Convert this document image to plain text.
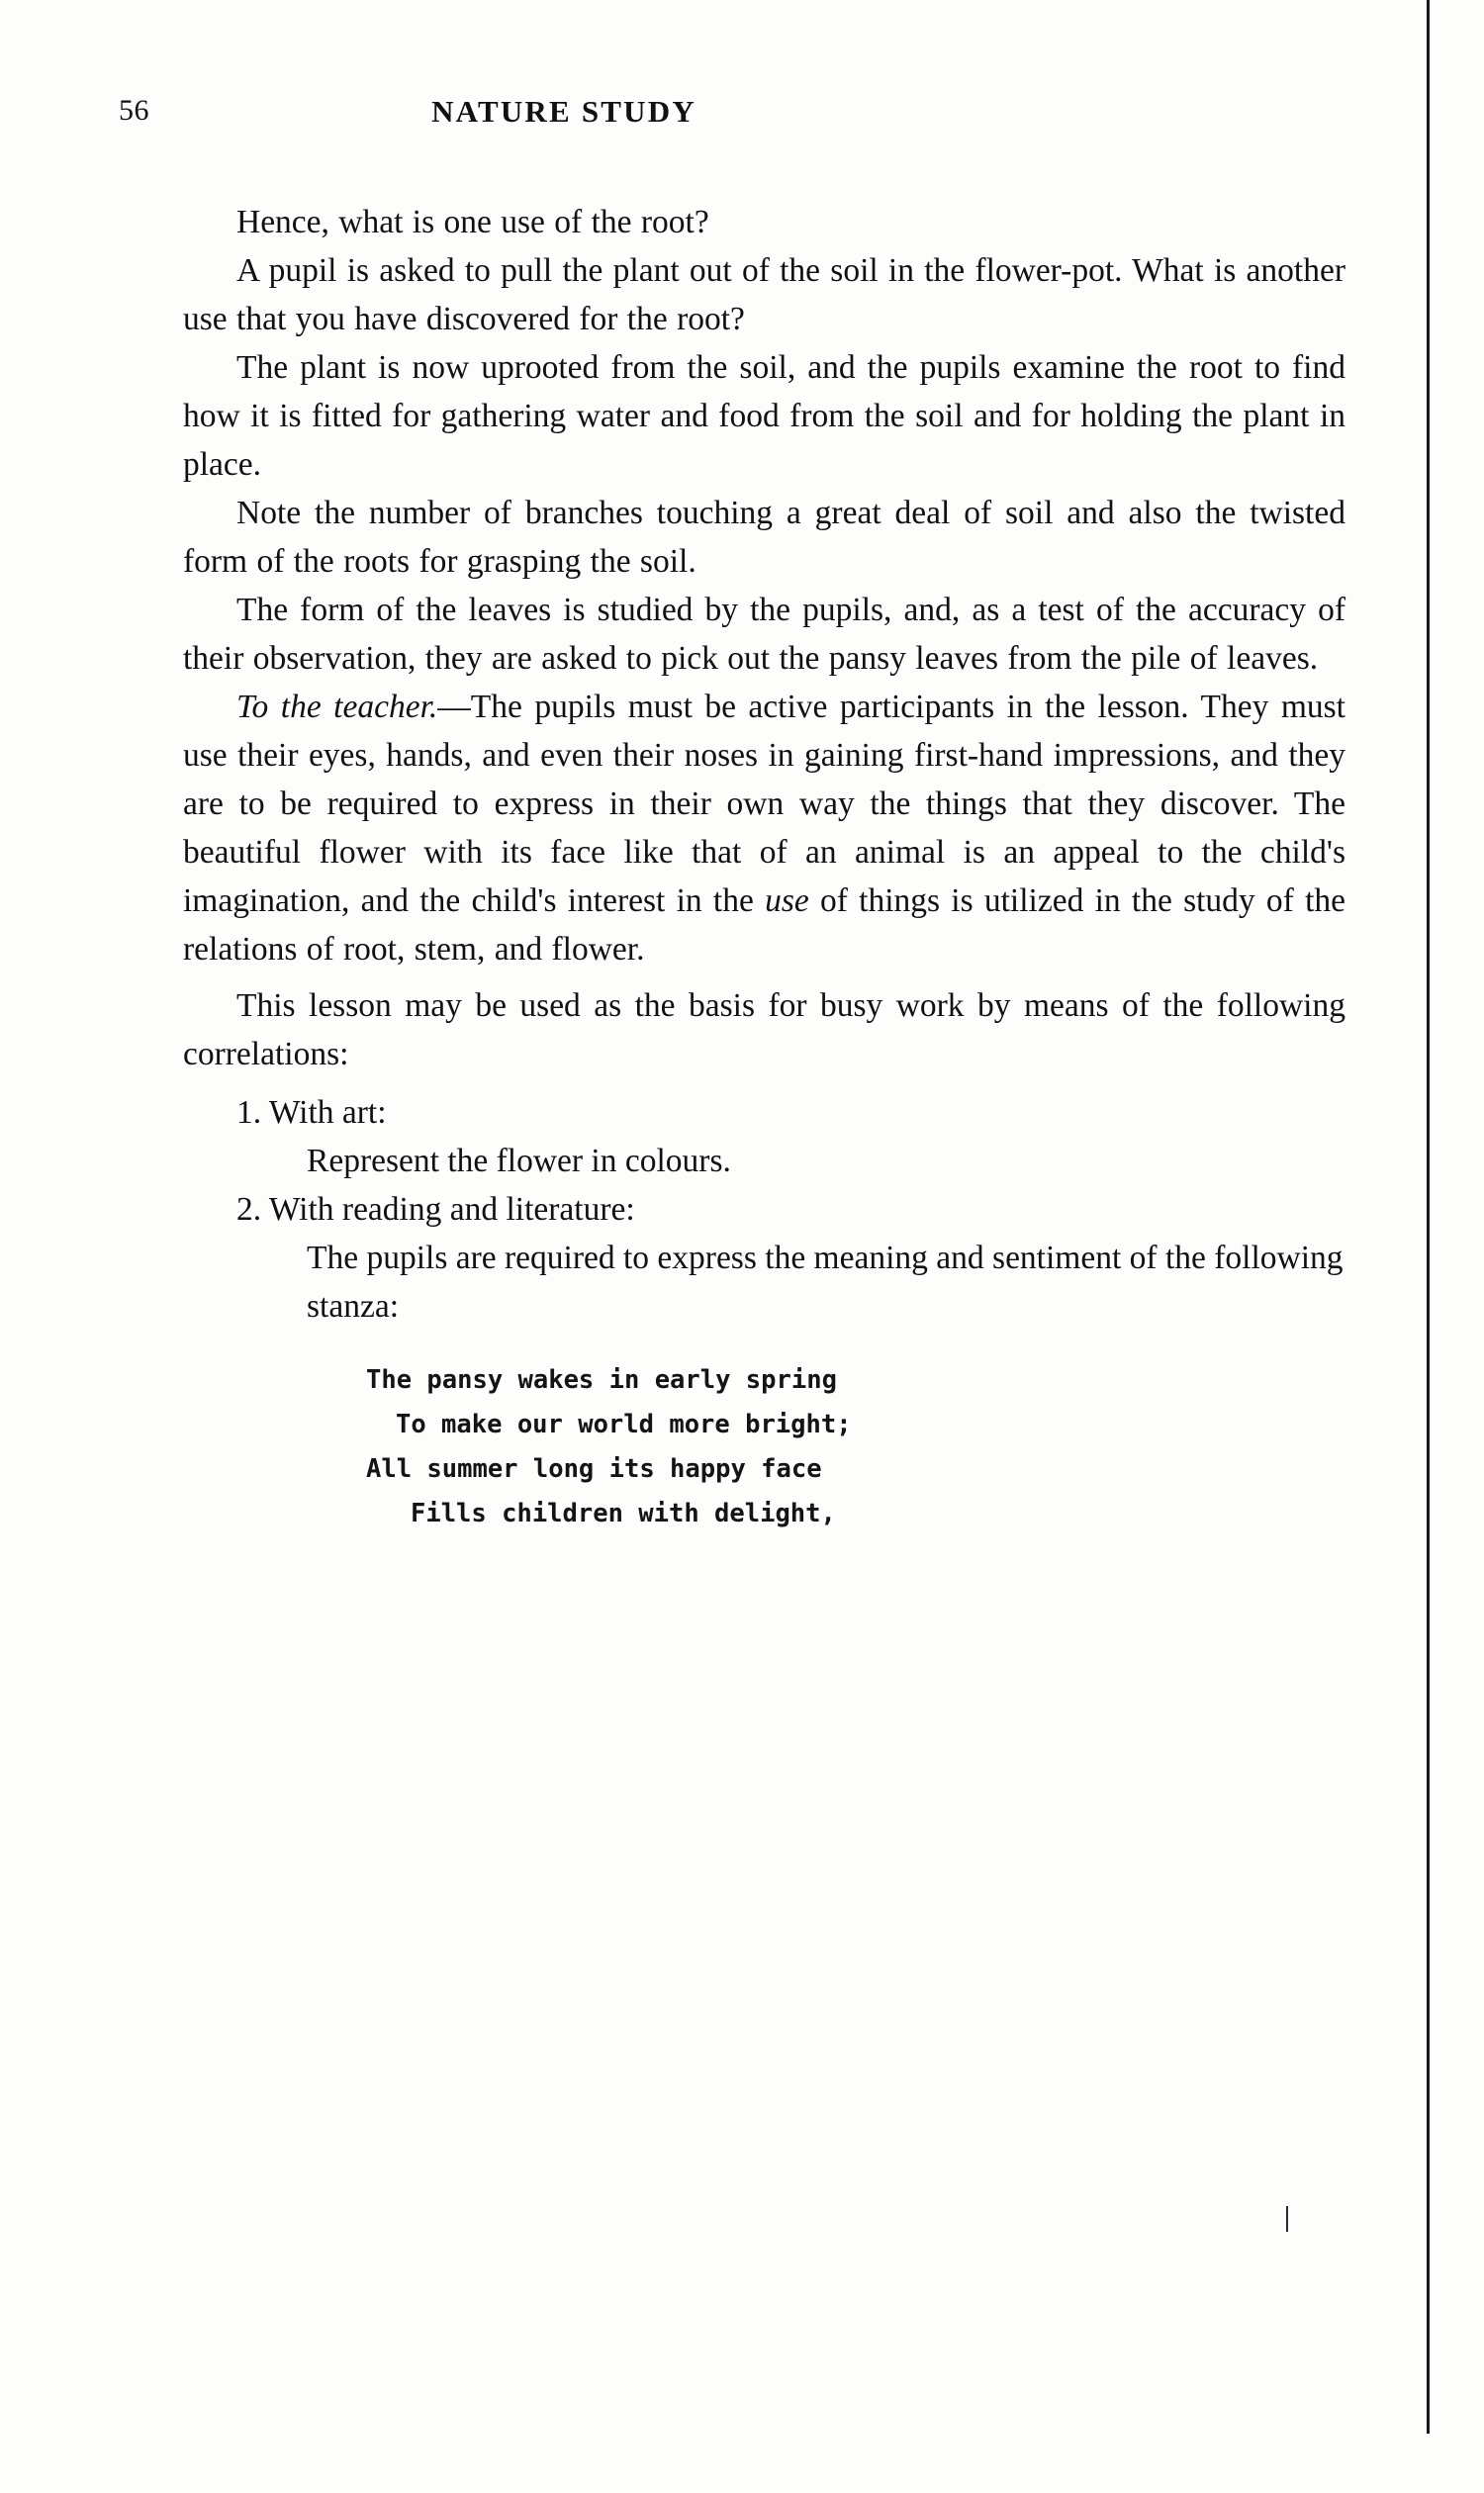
56	NATURE STUDY

Hence, what is one use of the root?

A pupil is asked to pull the plant out of the soil in the flower-pot. What is another use that you have discovered for the root?

The plant is now uprooted from the soil, and the pupils examine the root to find how it is fitted for gathering water and food from the soil and for holding the plant in place.

Note the number of branches touching a great deal of soil and also the twisted form of the roots for grasping the soil.

The form of the leaves is studied by the pupils, and, as a test of the accuracy of their observation, they are asked to pick out the pansy leaves from the pile of leaves.

To the teacher.—The pupils must be active participants in the lesson. They must use their eyes, hands, and even their noses in gaining first-hand impressions, and they are to be required to express in their own way the things that they discover. The beautiful flower with its face like that of an animal is an appeal to the child's imagination, and the child's interest in the use of things is utilized in the study of the relations of root, stem, and flower.

This lesson may be used as the basis for busy work by means of the following correlations:

1. With art:
Represent the flower in colours.
2. With reading and literature:
The pupils are required to express the meaning and sentiment of the following stanza:
The pansy wakes in early spring
To make our world more bright;
All summer long its happy face
Fills children with delight,
